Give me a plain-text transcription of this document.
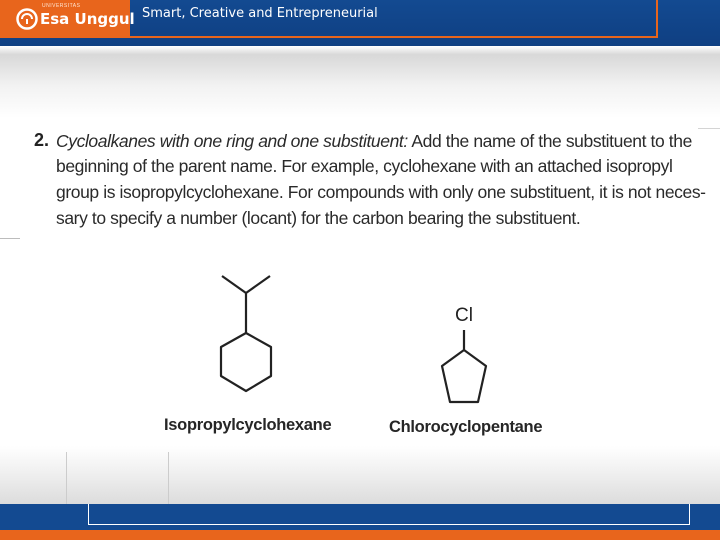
UNIVERSITAS
Esa Unggul Smart, Creative and Entrepreneurial
2. Cycloalkanes with one ring and one substituent: Add the name of the substituent to the
beginning of the parent name. For example, cyclohexane with an attached isopropyl
group is isopropylcyclohexane. For compounds with only one substituent, it is not neces-
sary to specify a number (locant) for the carbon bearing the substituent.
Cl
Isopropylcyclohexane	Chlorocyclopentane
